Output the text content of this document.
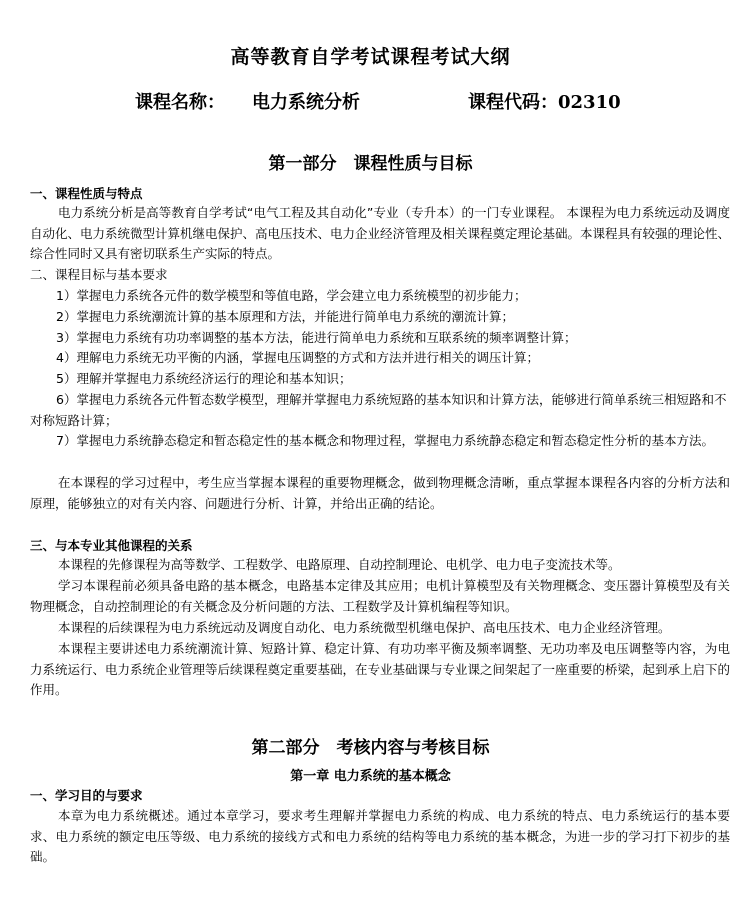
高等教育自学考试课程考试大纲
课程名称： 电力系统分析	课程代码：02310
第一部分　课程性质与目标
一、课程性质与特点
电力系统分析是高等教育自学考试“电气工程及其自动化”专业（专升本）的一门专业课程。 本课程为电力系统远动及调度自动化、电力系统微型计算机继电保护、高电压技术、电力企业经济管理及相关课程奠定理论基础。本课程具有较强的理论性、综合性同时又具有密切联系生产实际的特点。
二、课程目标与基本要求
1）掌握电力系统各元件的数学模型和等值电路，学会建立电力系统模型的初步能力；
2）掌握电力系统潮流计算的基本原理和方法，并能进行简单电力系统的潮流计算；
3）掌握电力系统有功功率调整的基本方法，能进行简单电力系统和互联系统的频率调整计算；
4）理解电力系统无功平衡的内涵，掌握电压调整的方式和方法并进行相关的调压计算；
5）理解并掌握电力系统经济运行的理论和基本知识；
6）掌握电力系统各元件暂态数学模型，理解并掌握电力系统短路的基本知识和计算方法，能够进行简单系统三相短路和不对称短路计算；
7）掌握电力系统静态稳定和暂态稳定性的基本概念和物理过程，掌握电力系统静态稳定和暂态稳定性分析的基本方法。
在本课程的学习过程中，考生应当掌握本课程的重要物理概念，做到物理概念清晰，重点掌握本课程各内容的分析方法和原理，能够独立的对有关内容、问题进行分析、计算，并给出正确的结论。
三、与本专业其他课程的关系
本课程的先修课程为高等数学、工程数学、电路原理、自动控制理论、电机学、电力电子变流技术等。
学习本课程前必须具备电路的基本概念，电路基本定律及其应用；电机计算模型及有关物理概念、变压器计算模型及有关物理概念，自动控制理论的有关概念及分析问题的方法、工程数学及计算机编程等知识。
本课程的后续课程为电力系统远动及调度自动化、电力系统微型机继电保护、高电压技术、电力企业经济管理。
本课程主要讲述电力系统潮流计算、短路计算、稳定计算、有功功率平衡及频率调整、无功功率及电压调整等内容，为电力系统运行、电力系统企业管理等后续课程奠定重要基础，在专业基础课与专业课之间架起了一座重要的桥梁，起到承上启下的作用。
第二部分　考核内容与考核目标
第一章 电力系统的基本概念
一、学习目的与要求
本章为电力系统概述。通过本章学习，要求考生理解并掌握电力系统的构成、电力系统的特点、电力系统运行的基本要求、电力系统的额定电压等级、电力系统的接线方式和电力系统的结构等电力系统的基本概念，为进一步的学习打下初步的基础。
